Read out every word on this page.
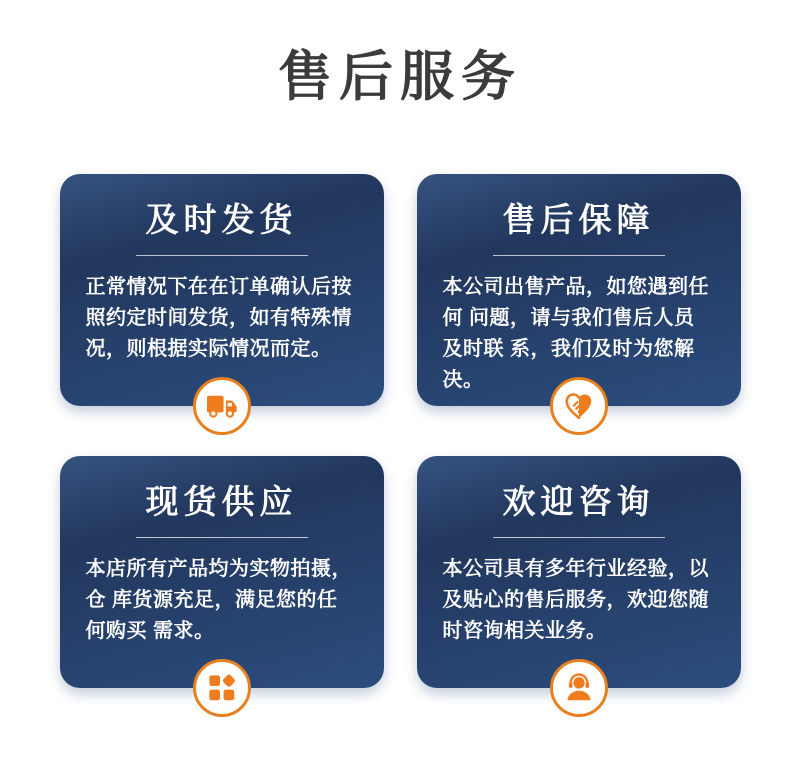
售后服务
及时发货

正常情况下在在订单确认后按照约定时间发货，如有特殊情况，则根据实际情况而定。

售后保障

本公司出售产品，如您遇到任何 问题，请与我们售后人员及时联 系，我们及时为您解决。

现货供应

本店所有产品均为实物拍摄，仓 库货源充足，满足您的任何购买 需求。

欢迎咨询

本公司具有多年行业经验，以及贴心的售后服务，欢迎您随时咨询相关业务。
